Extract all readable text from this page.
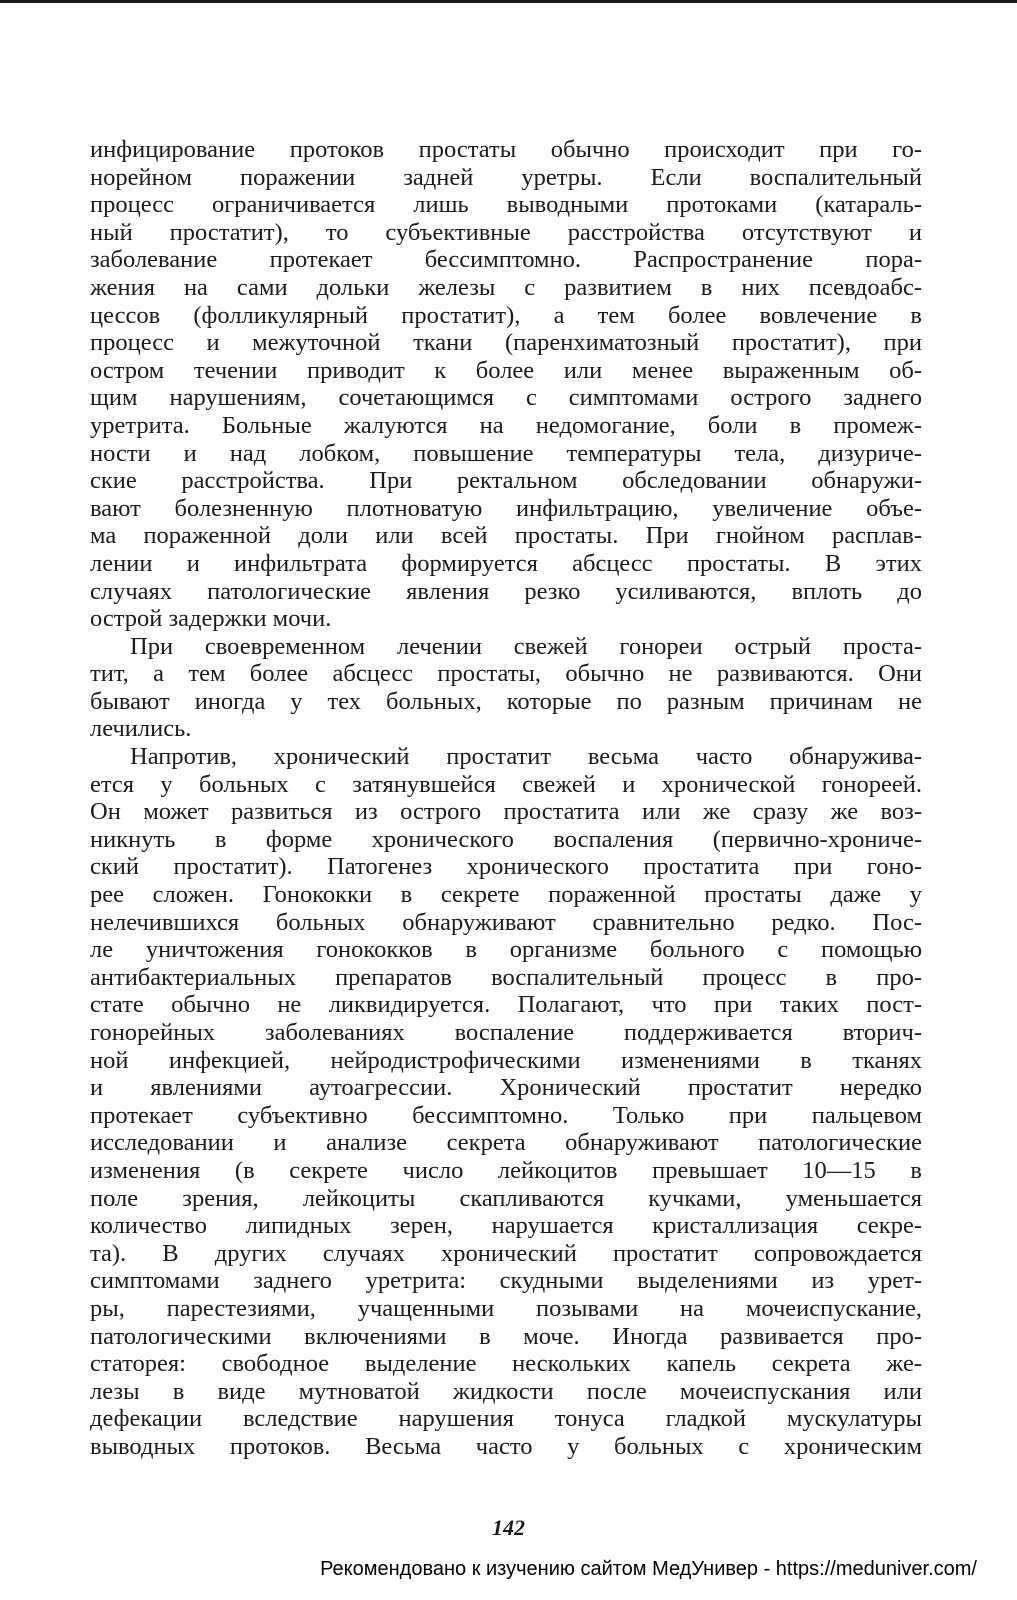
инфицирование протоков простаты обычно происходит при го-
норейном поражении задней уретры. Если воспалительный
процесс ограничивается лишь выводными протоками (катараль-
ный простатит), то субъективные расстройства отсутствуют и
заболевание протекает бессимптомно. Распространение пора-
жения на сами дольки железы с развитием в них псевдоабс-
цессов (фолликулярный простатит), а тем более вовлечение в
процесс и межуточной ткани (паренхиматозный простатит), при
остром течении приводит к более или менее выраженным об-
щим нарушениям, сочетающимся с симптомами острого заднего
уретрита. Больные жалуются на недомогание, боли в промеж-
ности и над лобком, повышение температуры тела, дизуриче-
ские расстройства. При ректальном обследовании обнаружи-
вают болезненную плотноватую инфильтрацию, увеличение объе-
ма пораженной доли или всей простаты. При гнойном расплав-
лении и инфильтрата формируется абсцесс простаты. В этих
случаях патологические явления резко усиливаются, вплоть до
острой задержки мочи.
При своевременном лечении свежей гонореи острый проста-
тит, а тем более абсцесс простаты, обычно не развиваются. Они
бывают иногда у тех больных, которые по разным причинам не
лечились.
Напротив, хронический простатит весьма часто обнаружива-
ется у больных с затянувшейся свежей и хронической гонореей.
Он может развиться из острого простатита или же сразу же воз-
никнуть в форме хронического воспаления (первично-хрониче-
ский простатит). Патогенез хронического простатита при гоно-
рее сложен. Гонококки в секрете пораженной простаты даже у
нелечившихся больных обнаруживают сравнительно редко. Пос-
ле уничтожения гонококков в организме больного с помощью
антибактериальных препаратов воспалительный процесс в про-
статe обычно не ликвидируется. Полагают, что при таких пост-
гонорейных заболеваниях воспаление поддерживается вторич-
ной инфекцией, нейродистрофическими изменениями в тканях
и явлениями аутоагрессии. Хронический простатит нередко
протекает субъективно бессимптомно. Только при пальцевом
исследовании и анализе секрета обнаруживают патологические
изменения (в секрете число лейкоцитов превышает 10—15 в
поле зрения, лейкоциты скапливаются кучками, уменьшается
количество липидных зерен, нарушается кристаллизация секре-
та). В других случаях хронический простатит сопровождается
симптомами заднего уретрита: скудными выделениями из урет-
ры, парестезиями, учащенными позывами на мочеиспускание,
патологическими включениями в моче. Иногда развивается про-
статорея: свободное выделение нескольких капель секрета же-
лезы в виде мутноватой жидкости после мочеиспускания или
дефекации вследствие нарушения тонуса гладкой мускулатуры
выводных протоков. Весьма часто у больных с хроническим
142
Рекомендовано к изучению сайтом МедУнивер - https://meduniver.com/
